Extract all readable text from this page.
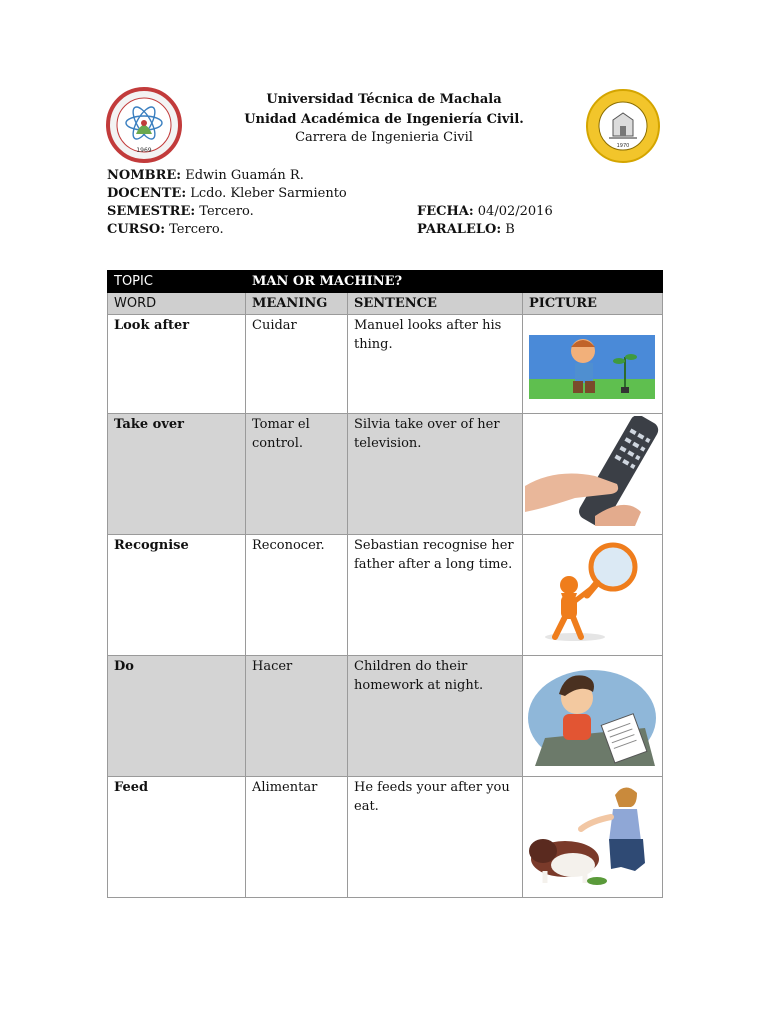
1969
Universidad Técnica de Machala
Unidad Académica de Ingeniería Civil.
Carrera de Ingenieria Civil
1970
NOMBRE: Edwin Guamán R.
DOCENTE: Lcdo. Kleber Sarmiento
SEMESTRE: Tercero.
CURSO: Tercero.
FECHA: 04/02/2016
PARALELO: B
TOPIC	MAN OR MACHINE?		
WORD	MEANING	SENTENCE	PICTURE
Look after	Cuidar	Manuel looks after his thing.	
Take over	Tomar el control.	Silvia take over of her television.	
Recognise	Reconocer.	Sebastian recognise her father after a long time.	
Do	Hacer	Children do their homework at night.	
Feed	Alimentar	He feeds your after you eat.	
